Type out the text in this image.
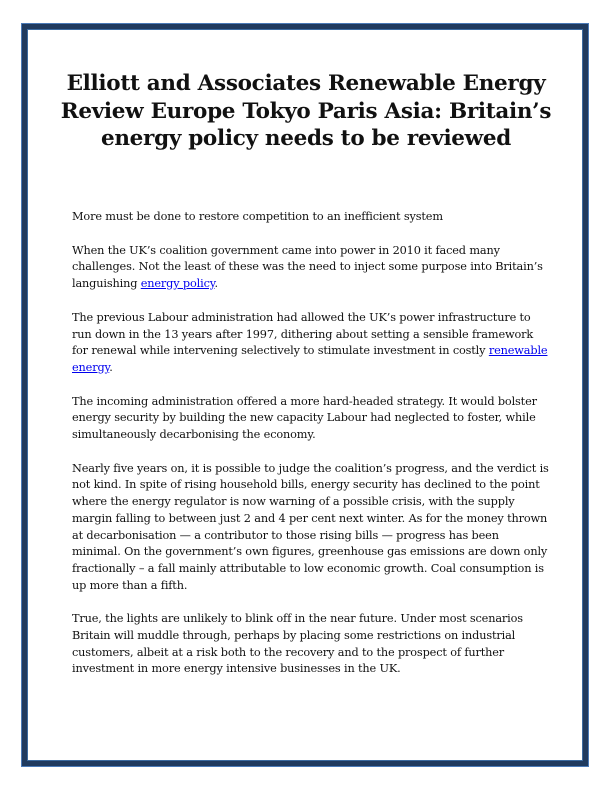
Elliott and Associates Renewable Energy Review Europe Tokyo Paris Asia: Britain’s energy policy needs to be reviewed

More must be done to restore competition to an inefficient system

When the UK’s coalition government came into power in 2010 it faced many challenges. Not the least of these was the need to inject some purpose into Britain’s languishing energy policy.

The previous Labour administration had allowed the UK’s power infrastructure to run down in the 13 years after 1997, dithering about setting a sensible framework for renewal while intervening selectively to stimulate investment in costly renewable energy.

The incoming administration offered a more hard-headed strategy. It would bolster energy security by building the new capacity Labour had neglected to foster, while simultaneously decarbonising the economy.

Nearly five years on, it is possible to judge the coalition’s progress, and the verdict is not kind. In spite of rising household bills, energy security has declined to the point where the energy regulator is now warning of a possible crisis, with the supply margin falling to between just 2 and 4 per cent next winter. As for the money thrown at decarbonisation — a contributor to those rising bills — progress has been minimal. On the government’s own figures, greenhouse gas emissions are down only fractionally – a fall mainly attributable to low economic growth. Coal consumption is up more than a fifth.

True, the lights are unlikely to blink off in the near future. Under most scenarios Britain will muddle through, perhaps by placing some restrictions on industrial customers, albeit at a risk both to the recovery and to the prospect of further investment in more energy intensive businesses in the UK.
